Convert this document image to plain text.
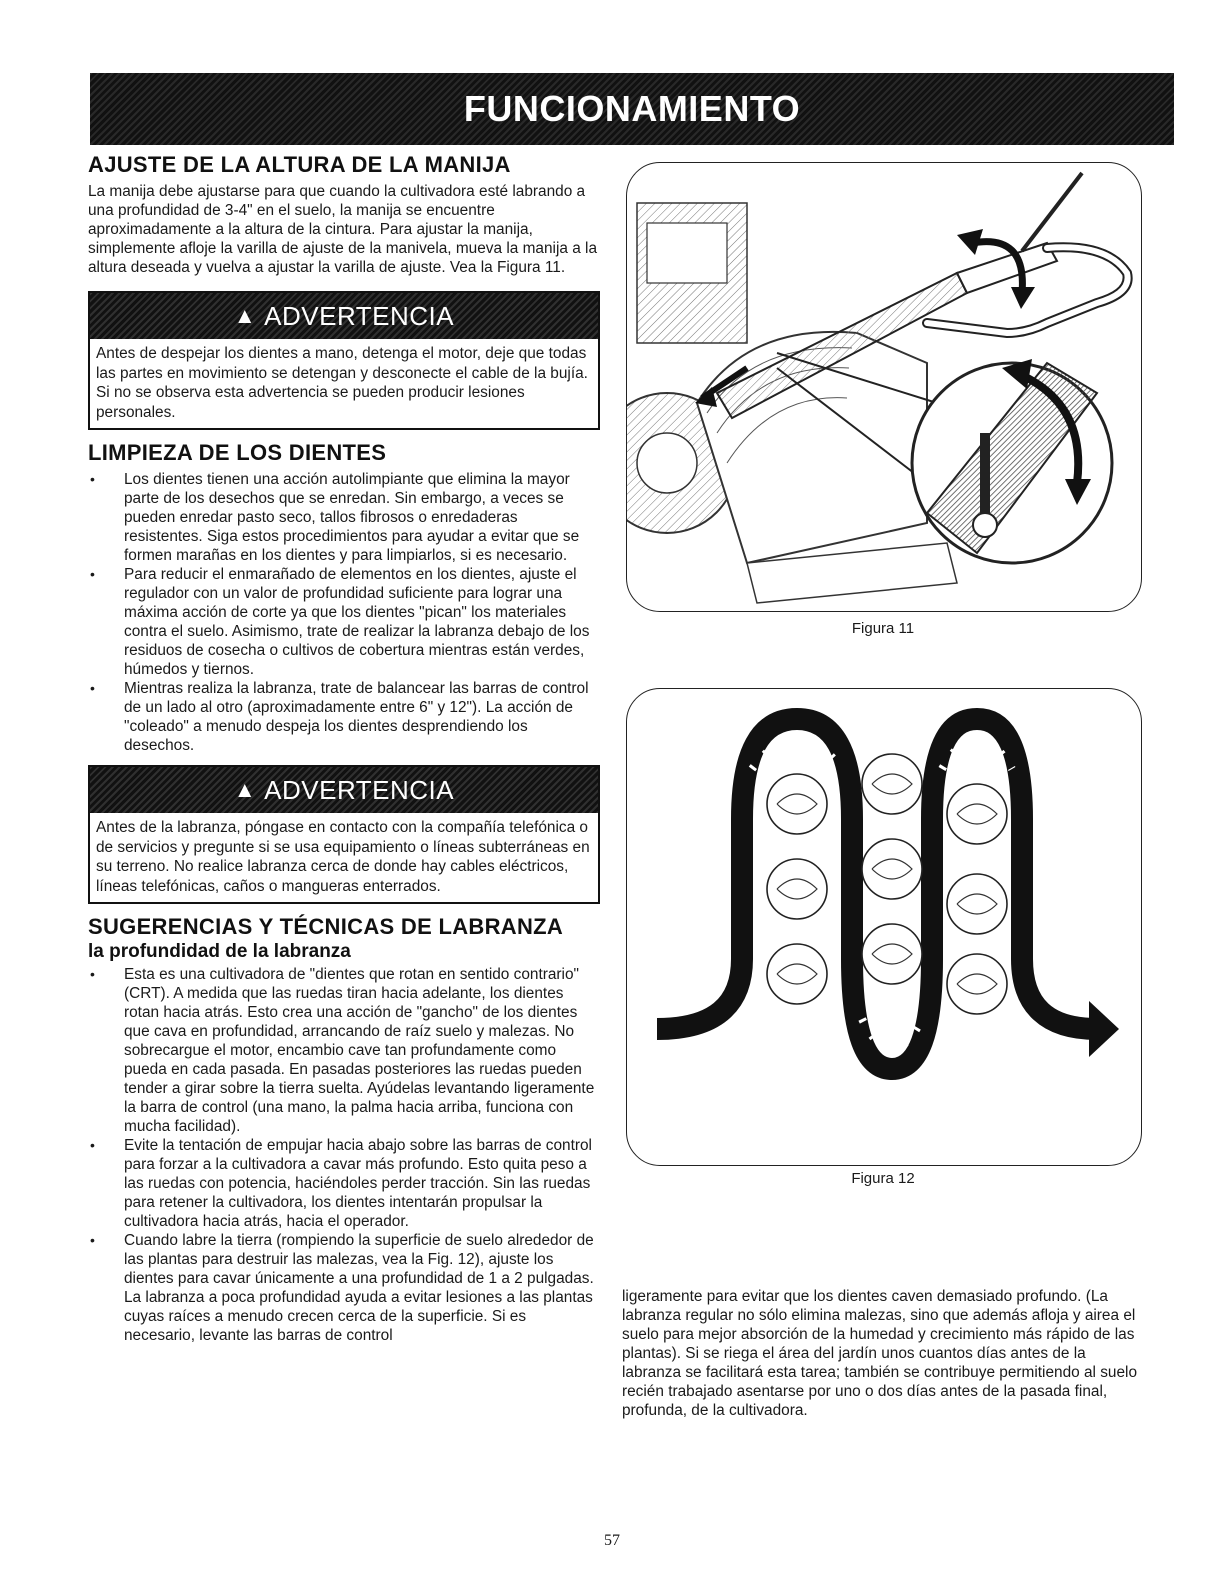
FUNCIONAMIENTO
AJUSTE DE LA ALTURA DE LA MANIJA

La manija debe ajustarse para que cuando la cultivadora esté labrando a una profundidad de 3-4" en el suelo, la manija se encuentre aproximadamente a la altura de la cintura. Para ajustar la manija, simplemente afloje la varilla de ajuste de la manivela, mueva la manija a la altura deseada y vuelva a ajustar la varilla de ajuste. Vea la Figura 11.

▲ ADVERTENCIA
Antes de despejar los dientes a mano, detenga el motor, deje que todas las partes en movimiento se detengan y desconecte el cable de la bujía. Si no se observa esta advertencia se pueden producir lesiones personales.
LIMPIEZA DE LOS DIENTES
• Los dientes tienen una acción autolimpiante que elimina la mayor parte de los desechos que se enredan. Sin embargo, a veces se pueden enredar pasto seco, tallos fibrosos o enredaderas resistentes. Siga estos procedimientos para ayudar a evitar que se formen marañas en los dientes y para limpiarlos, si es necesario.
• Para reducir el enmarañado de elementos en los dientes, ajuste el regulador con un valor de profundidad suficiente para lograr una máxima acción de corte ya que los dientes "pican" los materiales contra el suelo. Asimismo, trate de realizar la labranza debajo de los residuos de cosecha o cultivos de cobertura mientras están verdes, húmedos y tiernos.
• Mientras realiza la labranza, trate de balancear las barras de control de un lado al otro (aproximadamente entre 6" y 12"). La acción de "coleado" a menudo despeja los dientes desprendiendo los desechos.
▲ ADVERTENCIA
Antes de la labranza, póngase en contacto con la compañía telefónica o de servicios y pregunte si se usa equipamiento o líneas subterráneas en su terreno. No realice labranza cerca de donde hay cables eléctricos, líneas telefónicas, caños o mangueras enterrados.
SUGERENCIAS Y TÉCNICAS DE LABRANZA
la profundidad de la labranza
• Esta es una cultivadora de "dientes que rotan en sentido contrario" (CRT). A medida que las ruedas tiran hacia adelante, los dientes rotan hacia atrás. Esto crea una acción de "gancho" de los dientes que cava en profundidad, arrancando de raíz suelo y malezas. No sobrecargue el motor, encambio cave tan profundamente como pueda en cada pasada. En pasadas posteriores las ruedas pueden tender a girar sobre la tierra suelta. Ayúdelas levantando ligeramente la barra de control (una mano, la palma hacia arriba, funciona con mucha facilidad).
• Evite la tentación de empujar hacia abajo sobre las barras de control para forzar a la cultivadora a cavar más profundo. Esto quita peso a las ruedas con potencia, haciéndoles perder tracción. Sin las ruedas para retener la cultivadora, los dientes intentarán propulsar la cultivadora hacia atrás, hacia el operador.
• Cuando labre la tierra (rompiendo la superficie de suelo alrededor de las plantas para destruir las malezas, vea la Fig. 12), ajuste los dientes para cavar únicamente a una profundidad de 1 a 2 pulgadas. La labranza a poca profundidad ayuda a evitar lesiones a las plantas cuyas raíces a menudo crecen cerca de la superficie. Si es necesario, levante las barras de control
Figura 11
Figura 12

ligeramente para evitar que los dientes caven demasiado profundo. (La labranza regular no sólo elimina malezas, sino que además afloja y airea el suelo para mejor absorción de la humedad y crecimiento más rápido de las plantas). Si se riega el área del jardín unos cuantos días antes de la labranza se facilitará esta tarea; también se contribuye permitiendo al suelo recién trabajado asentarse por uno o dos días antes de la pasada final, profunda, de la cultivadora.

57
